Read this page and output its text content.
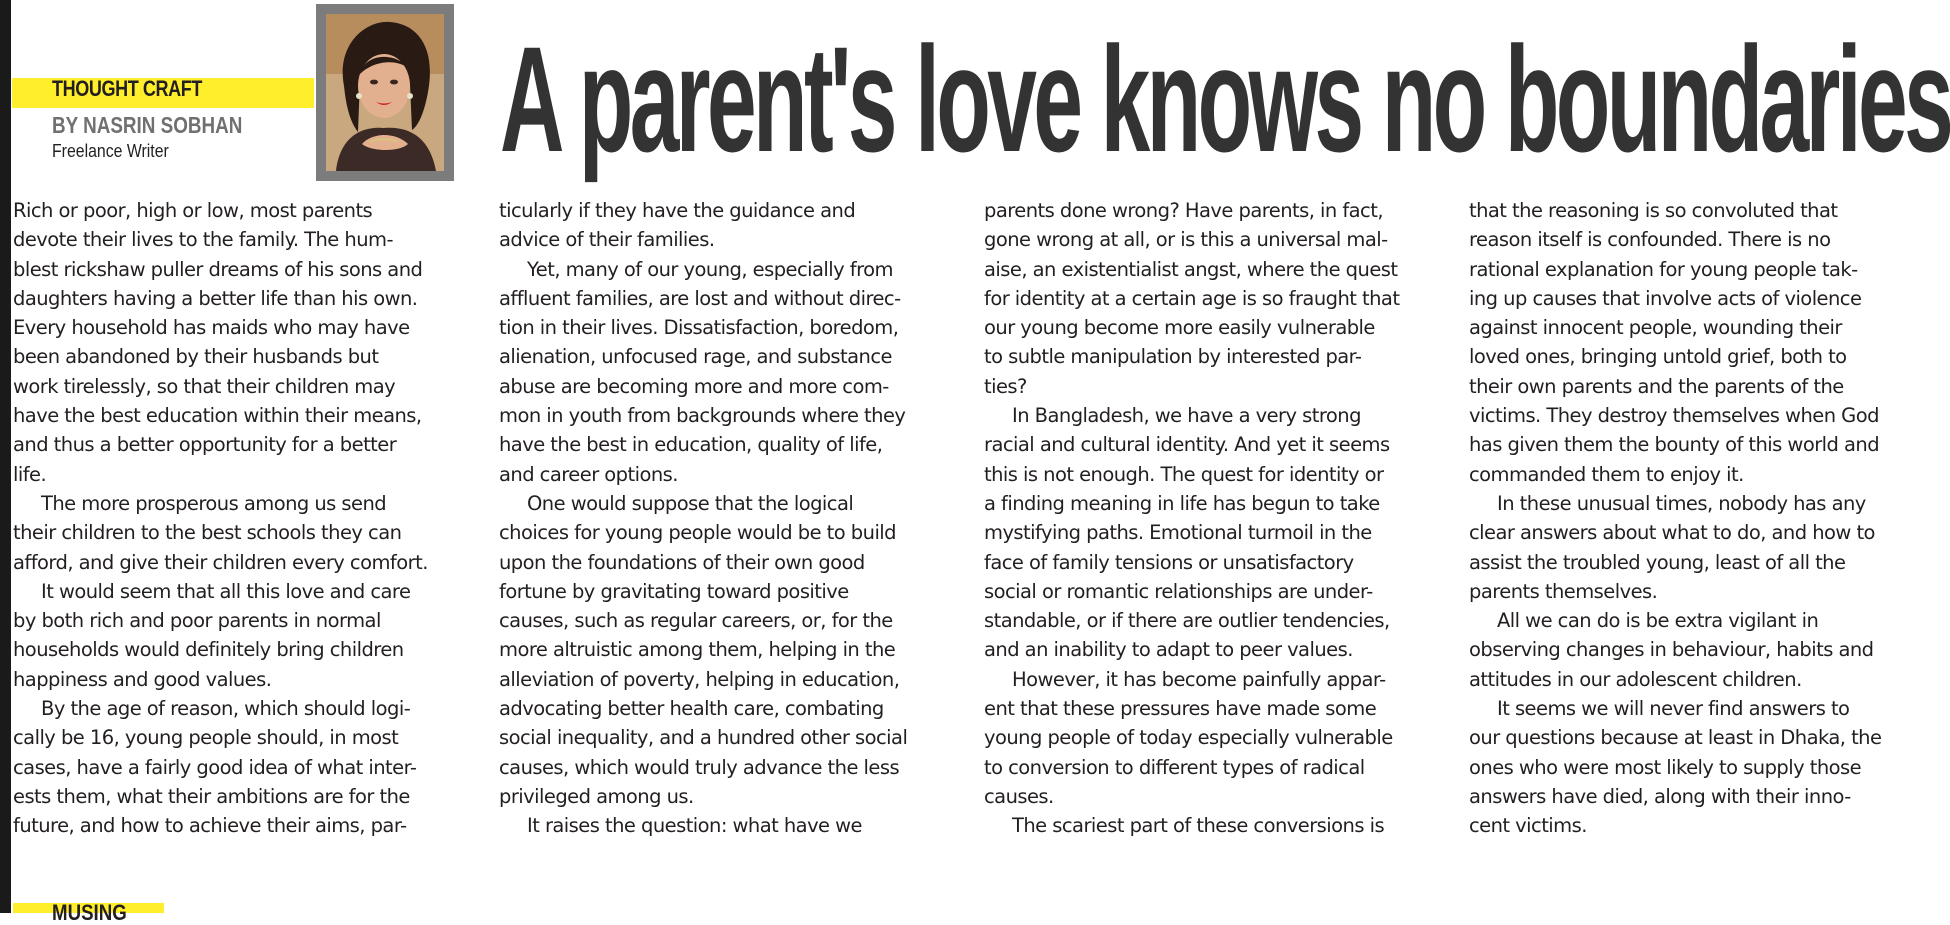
THOUGHT CRAFT
BY NASRIN SOBHAN
Freelance Writer A parent's love knows no boundaries
Rich or poor, high or low, most parents
devote their lives to the family. The hum-
blest rickshaw puller dreams of his sons and
daughters having a better life than his own.
Every household has maids who may have
been abandoned by their husbands but
work tirelessly, so that their children may
have the best education within their means,
and thus a better opportunity for a better
life.
The more prosperous among us send
their children to the best schools they can
afford, and give their children every comfort.
It would seem that all this love and care
by both rich and poor parents in normal
households would definitely bring children
happiness and good values.
By the age of reason, which should logi-
cally be 16, young people should, in most
cases, have a fairly good idea of what inter-
ests them, what their ambitions are for the
future, and how to achieve their aims, par-
ticularly if they have the guidance and
advice of their families.
Yet, many of our young, especially from
affluent families, are lost and without direc-
tion in their lives. Dissatisfaction, boredom,
alienation, unfocused rage, and substance
abuse are becoming more and more com-
mon in youth from backgrounds where they
have the best in education, quality of life,
and career options.
One would suppose that the logical
choices for young people would be to build
upon the foundations of their own good
fortune by gravitating toward positive
causes, such as regular careers, or, for the
more altruistic among them, helping in the
alleviation of poverty, helping in education,
advocating better health care, combating
social inequality, and a hundred other social
causes, which would truly advance the less
privileged among us.
It raises the question: what have we
parents done wrong? Have parents, in fact,
gone wrong at all, or is this a universal mal-
aise, an existentialist angst, where the quest
for identity at a certain age is so fraught that
our young become more easily vulnerable
to subtle manipulation by interested par-
ties?
In Bangladesh, we have a very strong
racial and cultural identity. And yet it seems
this is not enough. The quest for identity or
a finding meaning in life has begun to take
mystifying paths. Emotional turmoil in the
face of family tensions or unsatisfactory
social or romantic relationships are under-
standable, or if there are outlier tendencies,
and an inability to adapt to peer values.
However, it has become painfully appar-
ent that these pressures have made some
young people of today especially vulnerable
to conversion to different types of radical
causes.
The scariest part of these conversions is
that the reasoning is so convoluted that
reason itself is confounded. There is no
rational explanation for young people tak-
ing up causes that involve acts of violence
against innocent people, wounding their
loved ones, bringing untold grief, both to
their own parents and the parents of the
victims. They destroy themselves when God
has given them the bounty of this world and
commanded them to enjoy it.
In these unusual times, nobody has any
clear answers about what to do, and how to
assist the troubled young, least of all the
parents themselves.
All we can do is be extra vigilant in
observing changes in behaviour, habits and
attitudes in our adolescent children.
It seems we will never find answers to
our questions because at least in Dhaka, the
ones who were most likely to supply those
answers have died, along with their inno-
cent victims.
MUSING
